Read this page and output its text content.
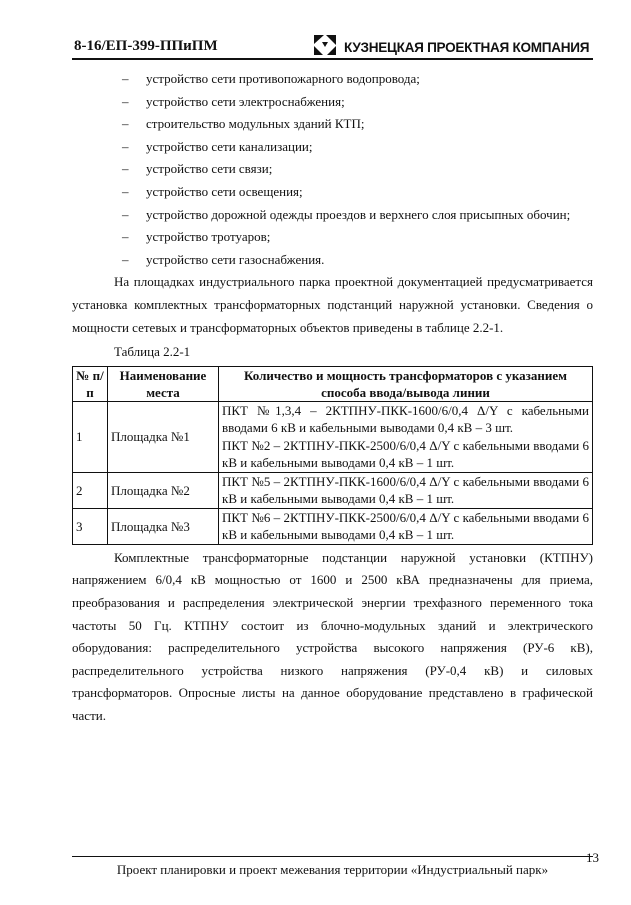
8-16/ЕП-399-ППиПМ	КУЗНЕЦКАЯ ПРОЕКТНАЯ КОМПАНИЯ
– устройство сети противопожарного водопровода;
– устройство сети электроснабжения;
– строительство модульных зданий КТП;
– устройство сети канализации;
– устройство сети связи;
– устройство сети освещения;
– устройство дорожной одежды проездов и верхнего слоя присыпных обочин;
– устройство тротуаров;
– устройство сети газоснабжения.

На площадках индустриального парка проектной документацией предусматривается установка комплектных трансформаторных подстанций наружной установки. Сведения о мощности сетевых и трансформаторных объектов приведены в таблице 2.2-1.

Таблица 2.2-1
№ п/п	Наименование места	Количество и мощность трансформаторов с указанием способа ввода/вывода линии
1	Площадка №1	ПКТ №1,3,4 – 2КТПНУ-ПКК-1600/6/0,4 Δ/Y с кабельными вводами 6 кВ и кабельными выводами 0,4 кВ – 3 шт.
ПКТ №2 – 2КТПНУ-ПКК-2500/6/0,4 Δ/Y с кабельными вводами 6 кВ и кабельными выводами 0,4 кВ – 1 шт.

2	Площадка №2	ПКТ №5 – 2КТПНУ-ПКК-1600/6/0,4 Δ/Y с кабельными вводами 6 кВ и кабельными выводами 0,4 кВ – 1 шт.

3	Площадка №3	ПКТ №6 – 2КТПНУ-ПКК-2500/6/0,4 Δ/Y с кабельными вводами 6 кВ и кабельными выводами 0,4 кВ – 1 шт.

Комплектные трансформаторные подстанции наружной установки (КТПНУ) напряжением 6/0,4 кВ мощностью от 1600 и 2500 кВА предназначены для приема, преобразования и распределения электрической энергии трехфазного переменного тока частоты 50 Гц. КТПНУ состоит из блочно-модульных зданий и электрического оборудования: распределительного устройства высокого напряжения (РУ-6 кВ), распределительного устройства низкого напряжения (РУ-0,4 кВ) и силовых трансформаторов. Опросные листы на данное оборудование представлено в графической части.

13
Проект планировки и проект межевания территории «Индустриальный парк»
